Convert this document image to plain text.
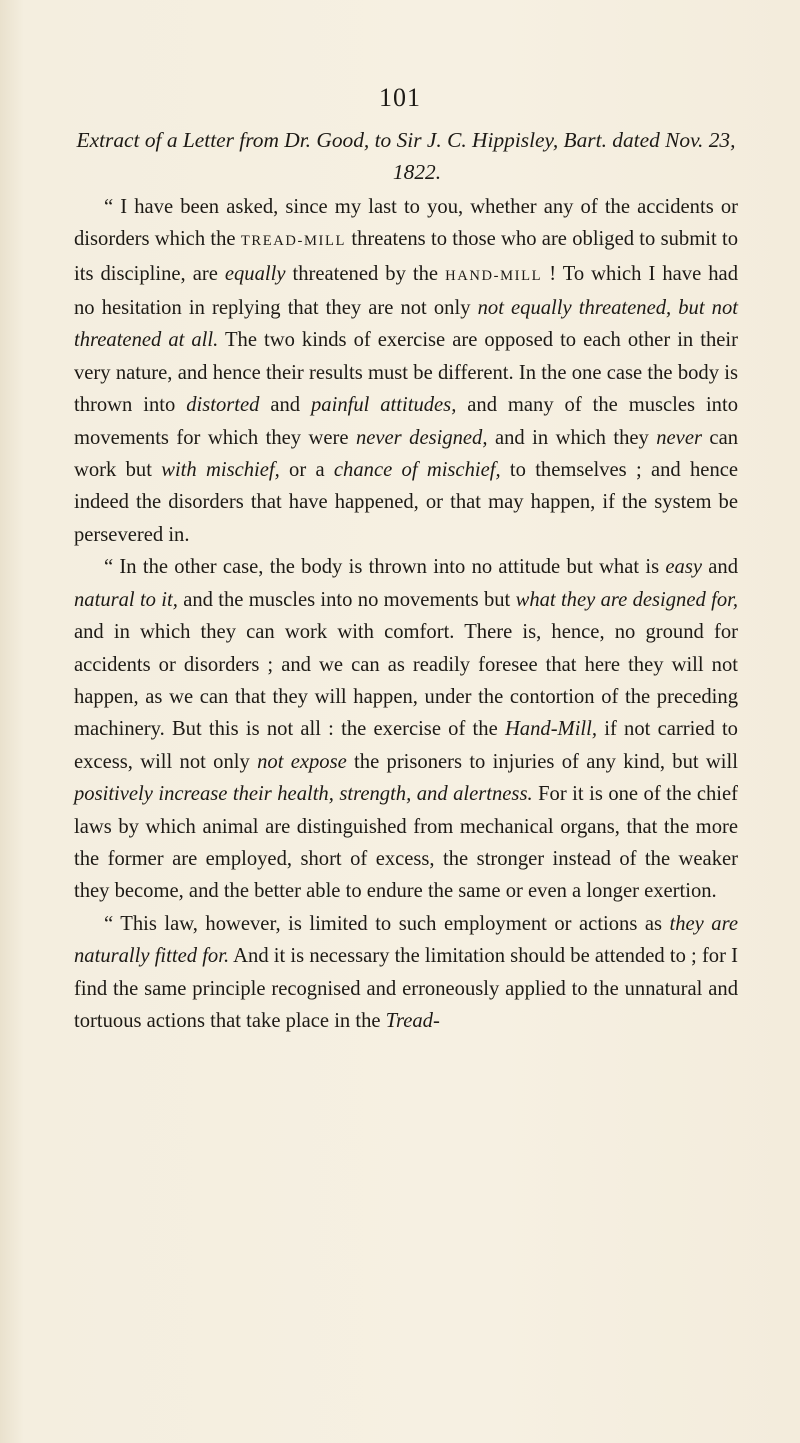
101

Extract of a Letter from Dr. Good, to Sir J. C. Hippisley, Bart. dated Nov. 23, 1822.

“ I have been asked, since my last to you, whether any of the accidents or disorders which the TREAD-MILL threatens to those who are obliged to submit to its discipline, are equally threatened by the HAND-MILL ! To which I have had no hesitation in replying that they are not only not equally threatened, but not threatened at all. The two kinds of exercise are opposed to each other in their very nature, and hence their results must be different. In the one case the body is thrown into distorted and painful attitudes, and many of the muscles into movements for which they were never designed, and in which they never can work but with mischief, or a chance of mischief, to themselves ; and hence indeed the disorders that have happened, or that may happen, if the system be persevered in.

“ In the other case, the body is thrown into no attitude but what is easy and natural to it, and the muscles into no movements but what they are designed for, and in which they can work with comfort. There is, hence, no ground for accidents or disorders ; and we can as readily foresee that here they will not happen, as we can that they will happen, under the contortion of the preceding machinery. But this is not all : the exercise of the Hand-Mill, if not carried to excess, will not only not expose the prisoners to injuries of any kind, but will positively increase their health, strength, and alertness. For it is one of the chief laws by which animal are distinguished from mechanical organs, that the more the former are employed, short of excess, the stronger instead of the weaker they become, and the better able to endure the same or even a longer exertion.

“ This law, however, is limited to such employment or actions as they are naturally fitted for. And it is necessary the limitation should be attended to ; for I find the same principle recognised and erroneously applied to the unnatural and tortuous actions that take place in the Tread-
